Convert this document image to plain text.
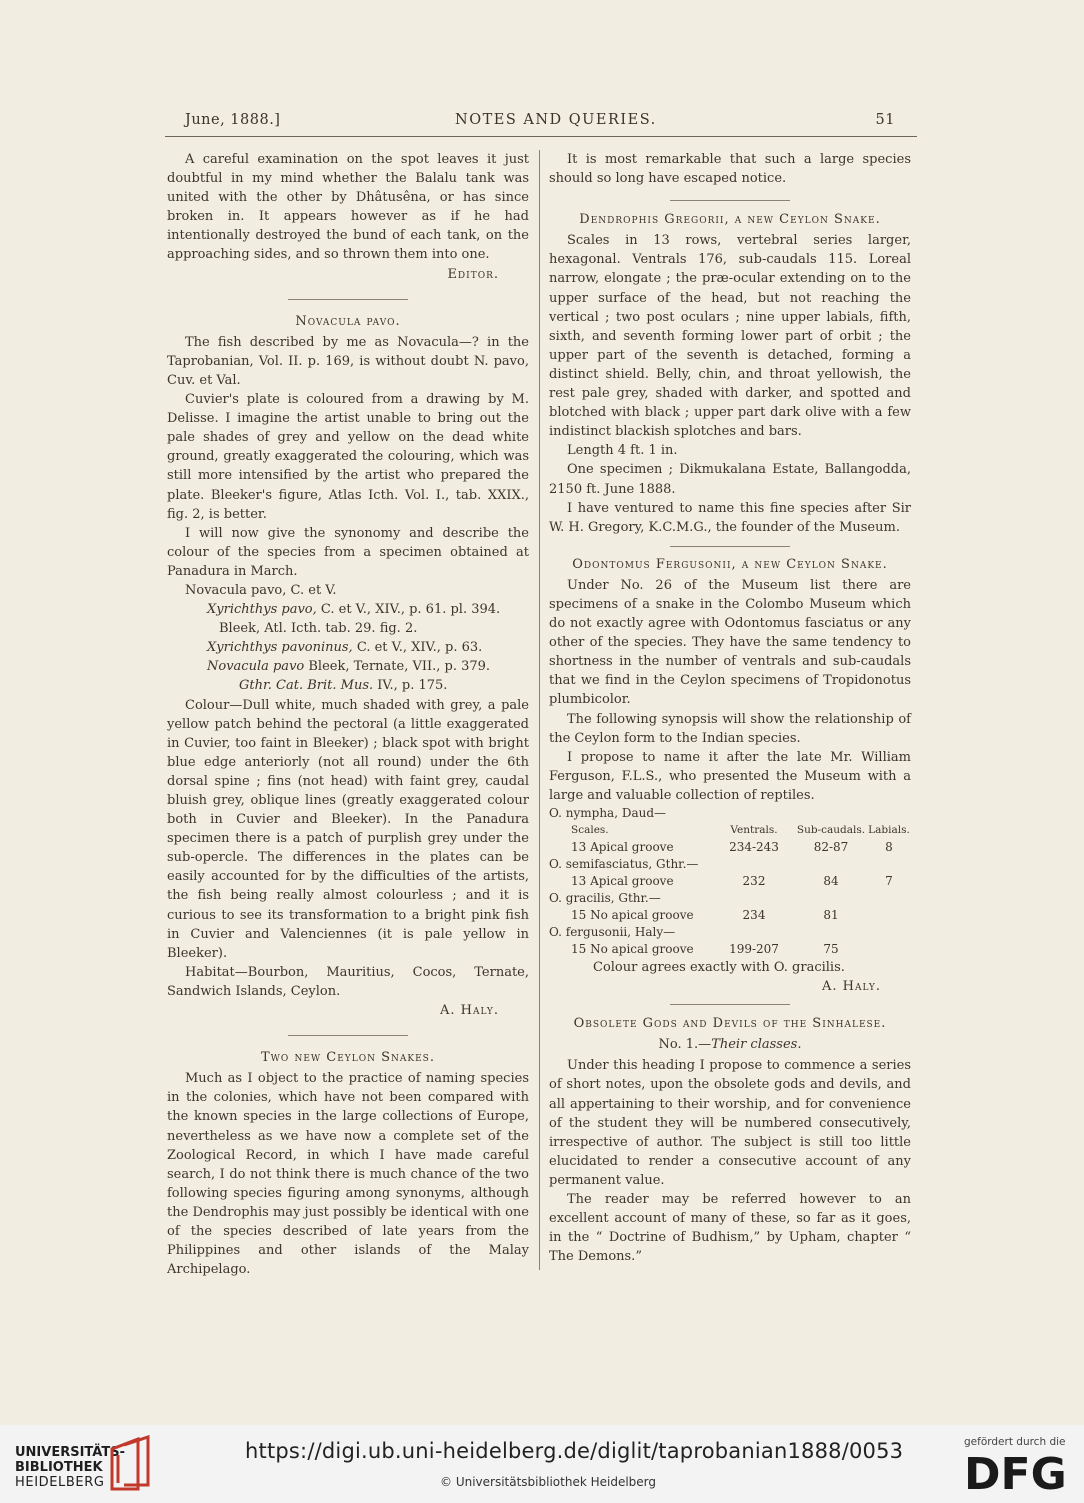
June, 1888.]	NOTES AND QUERIES.	51

A careful examination on the spot leaves it just doubtful in my mind whether the Balalu tank was united with the other by Dhâtusêna, or has since broken in. It appears however as if he had intentionally destroyed the bund of each tank, on the approaching sides, and so thrown them into one.

Editor.
Novacula pavo.

The fish described by me as Novacula—? in the Taprobanian, Vol. II. p. 169, is without doubt N. pavo, Cuv. et Val.

Cuvier's plate is coloured from a drawing by M. Delisse. I imagine the artist unable to bring out the pale shades of grey and yellow on the dead white ground, greatly exaggerated the colouring, which was still more intensified by the artist who prepared the plate. Bleeker's figure, Atlas Icth. Vol. I., tab. XXIX., fig. 2, is better.

I will now give the synonomy and describe the colour of the species from a specimen obtained at Panadura in March.

Novacula pavo, C. et V.
Xyrichthys pavo, C. et V., XIV., p. 61. pl. 394.
Bleek, Atl. Icth. tab. 29. fig. 2.
Xyrichthys pavoninus, C. et V., XIV., p. 63.
Novacula pavo Bleek, Ternate, VII., p. 379.
Gthr. Cat. Brit. Mus. IV., p. 175.

Colour—Dull white, much shaded with grey, a pale yellow patch behind the pectoral (a little exaggerated in Cuvier, too faint in Bleeker) ; black spot with bright blue edge anteriorly (not all round) under the 6th dorsal spine ; fins (not head) with faint grey, caudal bluish grey, oblique lines (greatly exaggerated colour both in Cuvier and Bleeker). In the Panadura specimen there is a patch of purplish grey under the sub-opercle. The differences in the plates can be easily accounted for by the difficulties of the artists, the fish being really almost colourless ; and it is curious to see its transformation to a bright pink fish in Cuvier and Valenciennes (it is pale yellow in Bleeker).

Habitat—Bourbon, Mauritius, Cocos, Ternate, Sandwich Islands, Ceylon.

A. Haly.
Two new Ceylon Snakes.

Much as I object to the practice of naming species in the colonies, which have not been compared with the known species in the large collections of Europe, nevertheless as we have now a complete set of the Zoological Record, in which I have made careful search, I do not think there is much chance of the two following species figuring among synonyms, although the Dendrophis may just possibly be identical with one of the species described of late years from the Philippines and other islands of the Malay Archipelago.

It is most remarkable that such a large species should so long have escaped notice.

Dendrophis Gregorii, a new Ceylon Snake.

Scales in 13 rows, vertebral series larger, hexagonal. Ventrals 176, sub-caudals 115. Loreal narrow, elongate ; the præ-ocular extending on to the upper surface of the head, but not reaching the vertical ; two post oculars ; nine upper labials, fifth, sixth, and seventh forming lower part of orbit ; the upper part of the seventh is detached, forming a distinct shield. Belly, chin, and throat yellowish, the rest pale grey, shaded with darker, and spotted and blotched with black ; upper part dark olive with a few indistinct blackish splotches and bars.

Length 4 ft. 1 in.

One specimen ; Dikmukalana Estate, Ballangodda, 2150 ft. June 1888.

I have ventured to name this fine species after Sir W. H. Gregory, K.C.M.G., the founder of the Museum.

Odontomus Fergusonii, a new Ceylon Snake.

Under No. 26 of the Museum list there are specimens of a snake in the Colombo Museum which do not exactly agree with Odontomus fasciatus or any other of the species. They have the same tendency to shortness in the number of ventrals and sub-caudals that we find in the Ceylon specimens of Tropidonotus plumbicolor.

The following synopsis will show the relationship of the Ceylon form to the Indian species.

I propose to name it after the late Mr. William Ferguson, F.L.S., who presented the Museum with a large and valuable collection of reptiles.

O. nympha, Daud—			
Scales.	Ventrals.	Sub-caudals.	Labials.
13 Apical groove	234-243	82-87	8
O. semifasciatus, Gthr.—			
13 Apical groove	232	84	7
O. gracilis, Gthr.—			
15 No apical groove	234	81	
O. fergusonii, Haly—			
15 No apical groove	199-207	75	

Colour agrees exactly with O. gracilis.

A. Haly.
Obsolete Gods and Devils of the Sinhalese.
No. 1.—Their classes.

Under this heading I propose to commence a series of short notes, upon the obsolete gods and devils, and all appertaining to their worship, and for convenience of the student they will be numbered consecutively, irrespective of author. The subject is still too little elucidated to render a consecutive account of any permanent value.

The reader may be referred however to an excellent account of many of these, so far as it goes, in the “ Doctrine of Budhism,” by Upham, chapter “ The Demons.”

UNIVERSITÄTS-
BIBLIOTHEK
HEIDELBERG
https://digi.ub.uni-heidelberg.de/diglit/taprobanian1888/0053
© Universitätsbibliothek Heidelberg
gefördert durch die
DFG
